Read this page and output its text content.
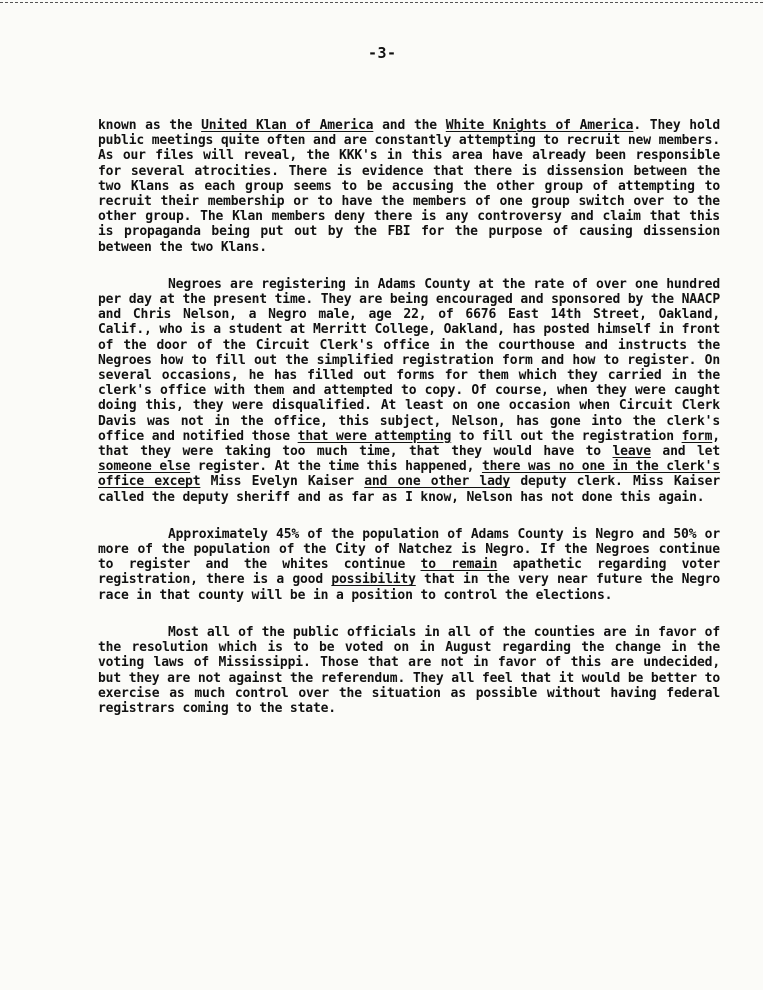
-3-

known as the United Klan of America and the White Knights of America. They hold public meetings quite often and are constantly attempting to recruit new members. As our files will reveal, the KKK's in this area have already been responsible for several atrocities. There is evidence that there is dissension between the two Klans as each group seems to be accusing the other group of attempting to recruit their membership or to have the members of one group switch over to the other group. The Klan members deny there is any controversy and claim that this is propaganda being put out by the FBI for the purpose of causing dissension between the two Klans.

Negroes are registering in Adams County at the rate of over one hundred per day at the present time. They are being encouraged and sponsored by the NAACP and Chris Nelson, a Negro male, age 22, of 6676 East 14th Street, Oakland, Calif., who is a student at Merritt College, Oakland, has posted himself in front of the door of the Circuit Clerk's office in the courthouse and instructs the Negroes how to fill out the simplified registration form and how to register. On several occasions, he has filled out forms for them which they carried in the clerk's office with them and attempted to copy. Of course, when they were caught doing this, they were disqualified. At least on one occasion when Circuit Clerk Davis was not in the office, this subject, Nelson, has gone into the clerk's office and notified those that were attempting to fill out the registration form, that they were taking too much time, that they would have to leave and let someone else register. At the time this happened, there was no one in the clerk's office except Miss Evelyn Kaiser and one other lady deputy clerk. Miss Kaiser called the deputy sheriff and as far as I know, Nelson has not done this again.

Approximately 45% of the population of Adams County is Negro and 50% or more of the population of the City of Natchez is Negro. If the Negroes continue to register and the whites continue to remain apathetic regarding voter registration, there is a good possibility that in the very near future the Negro race in that county will be in a position to control the elections.

Most all of the public officials in all of the counties are in favor of the resolution which is to be voted on in August regarding the change in the voting laws of Mississippi. Those that are not in favor of this are undecided, but they are not against the referendum. They all feel that it would be better to exercise as much control over the situation as possible without having federal registrars coming to the state.
